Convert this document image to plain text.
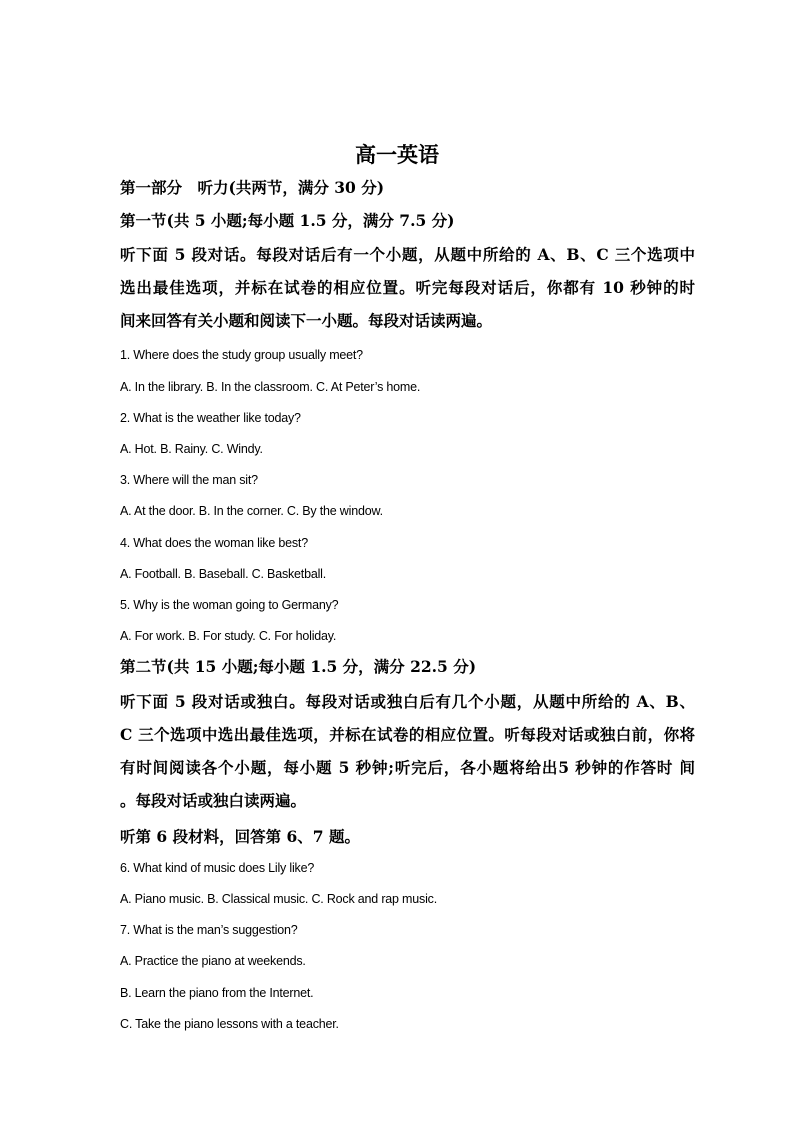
高一英语
第一部分　听力(共两节，满分 30 分)
第一节(共 5 小题;每小题 1.5 分，满分 7.5 分)
听下面 5 段对话。每段对话后有一个小题，从题中所给的 A、B、C 三个选项中
选出最佳选项，并标在试卷的相应位置。听完每段对话后，你都有 10 秒钟的时
间来回答有关小题和阅读下一小题。每段对话读两遍。
1. Where does the study group usually meet?
A. In the library. B. In the classroom. C. At Peter’s home.
2. What is the weather like today?
A. Hot. B. Rainy. C. Windy.
3. Where will the man sit?
A. At the door. B. In the corner. C. By the window.
4. What does the woman like best?
A. Football. B. Baseball. C. Basketball.
5. Why is the woman going to Germany?
A. For work. B. For study. C. For holiday.
第二节(共 15 小题;每小题 1.5 分，满分 22.5 分)
听下面 5 段对话或独白。每段对话或独白后有几个小题，从题中所给的 A、B、
C 三个选项中选出最佳选项，并标在试卷的相应位置。听每段对话或独白前，你将
有时间阅读各个小题，每小题 5 秒钟;听完后，各小题将给出5 秒钟的作答时 间
。每段对话或独白读两遍。
听第 6 段材料，回答第 6、7 题。
6. What kind of music does Lily like?
A. Piano music. B. Classical music. C. Rock and rap music.
7. What is the man’s suggestion?
A. Practice the piano at weekends.
B. Learn the piano from the Internet.
C. Take the piano lessons with a teacher.
